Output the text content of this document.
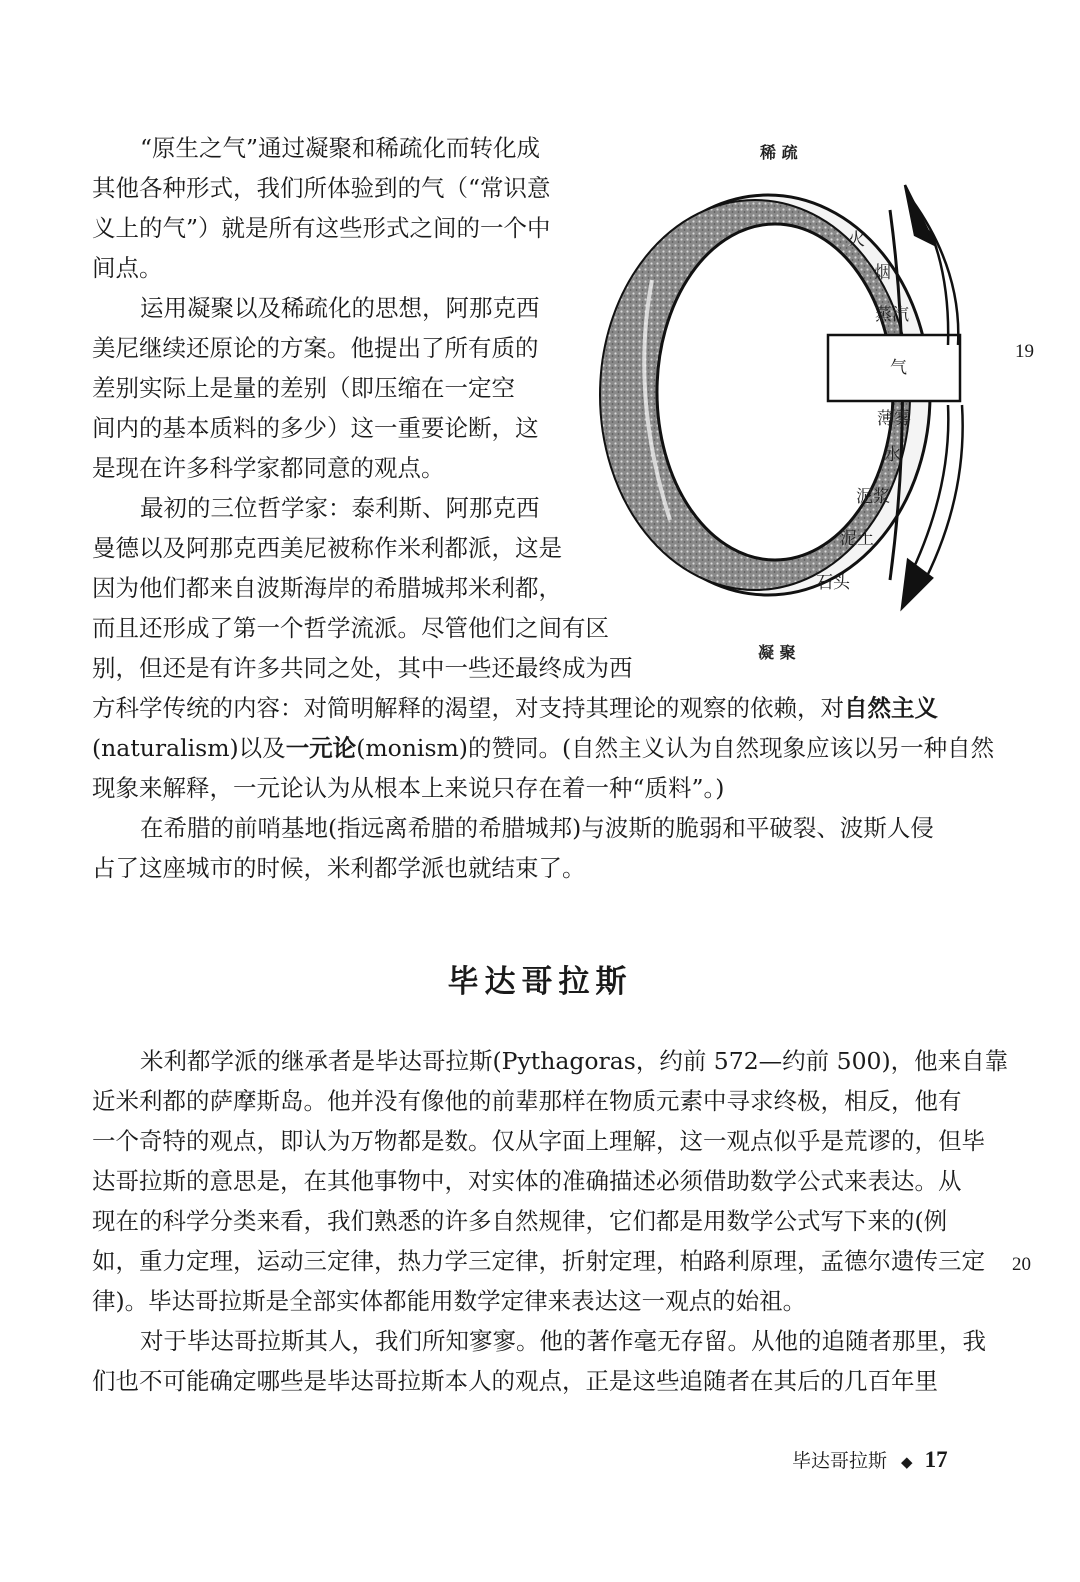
“原生之气”通过凝聚和稀疏化而转化成
其他各种形式，我们所体验到的气（“常识意
义上的气”）就是所有这些形式之间的一个中
间点。
运用凝聚以及稀疏化的思想，阿那克西
美尼继续还原论的方案。他提出了所有质的
差别实际上是量的差别（即压缩在一定空
间内的基本质料的多少）这一重要论断，这
是现在许多科学家都同意的观点。
最初的三位哲学家：泰利斯、阿那克西
曼德以及阿那克西美尼被称作米利都派，这是
因为他们都来自波斯海岸的希腊城邦米利都，
而且还形成了第一个哲学流派。尽管他们之间有区
别，但还是有许多共同之处，其中一些还最终成为西
方科学传统的内容：对简明解释的渴望，对支持其理论的观察的依赖，对自然主义
(naturalism)以及一元论(monism)的赞同。(自然主义认为自然现象应该以另一种自然
现象来解释，一元论认为从根本上来说只存在着一种“质料”。)
在希腊的前哨基地(指远离希腊的希腊城邦)与波斯的脆弱和平破裂、波斯人侵
占了这座城市的时候，米利都学派也就结束了。
毕达哥拉斯
米利都学派的继承者是毕达哥拉斯(Pythagoras，约前 572—约前 500)，他来自靠
近米利都的萨摩斯岛。他并没有像他的前辈那样在物质元素中寻求终极，相反，他有
一个奇特的观点，即认为万物都是数。仅从字面上理解，这一观点似乎是荒谬的，但毕
达哥拉斯的意思是，在其他事物中，对实体的准确描述必须借助数学公式来表达。从
现在的科学分类来看，我们熟悉的许多自然规律，它们都是用数学公式写下来的(例
如，重力定理，运动三定律，热力学三定律，折射定理，柏路利原理，孟德尔遗传三定
律)。毕达哥拉斯是全部实体都能用数学定律来表达这一观点的始祖。
对于毕达哥拉斯其人，我们所知寥寥。他的著作毫无存留。从他的追随者那里，我
们也不可能确定哪些是毕达哥拉斯本人的观点，正是这些追随者在其后的几百年里
19
20
稀 疏
气
火
烟
蒸汽
薄雾
水
泥浆
泥土
石头
凝 聚
毕达哥拉斯 ◆ 17
